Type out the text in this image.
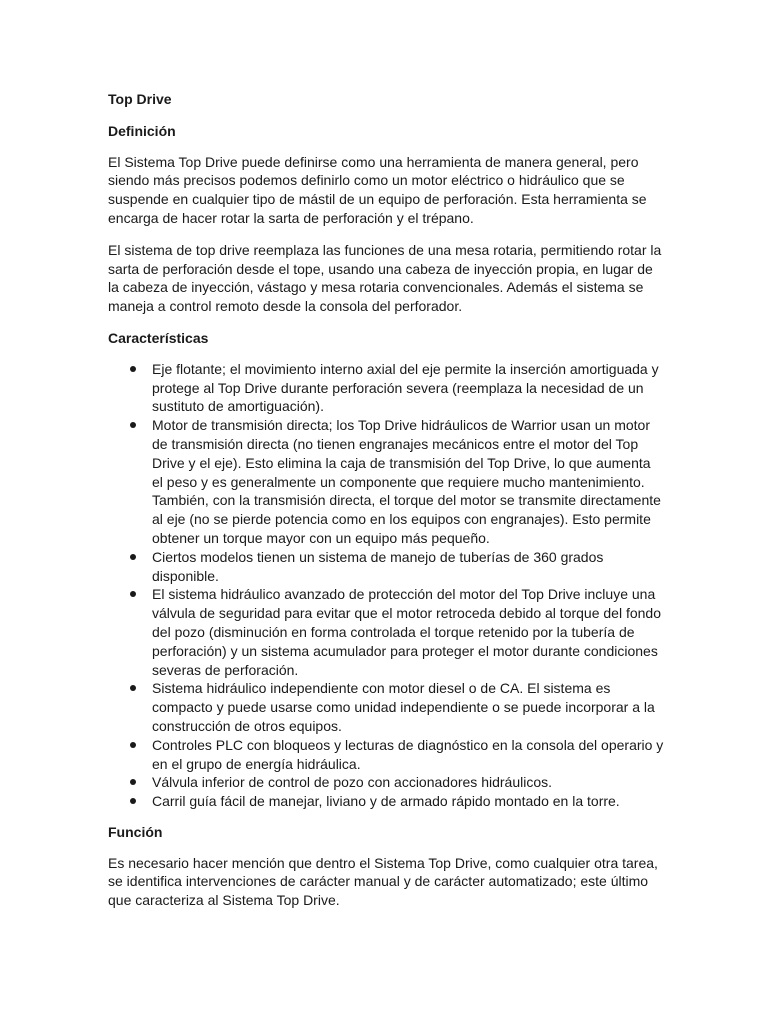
Top Drive
Definición

El Sistema Top Drive puede definirse como una herramienta de manera general, pero siendo más precisos podemos definirlo como un motor eléctrico o hidráulico que se suspende en cualquier tipo de mástil de un equipo de perforación. Esta herramienta se encarga de hacer rotar la sarta de perforación y el trépano.

El sistema de top drive reemplaza las funciones de una mesa rotaria, permitiendo rotar la sarta de perforación desde el tope, usando una cabeza de inyección propia, en lugar de la cabeza de inyección, vástago y mesa rotaria convencionales. Además el sistema se maneja a control remoto desde la consola del perforador.

Características
Eje flotante; el movimiento interno axial del eje permite la inserción amortiguada y protege al Top Drive durante perforación severa (reemplaza la necesidad de un sustituto de amortiguación).
Motor de transmisión directa; los Top Drive hidráulicos de Warrior usan un motor de transmisión directa (no tienen engranajes mecánicos entre el motor del Top Drive y el eje). Esto elimina la caja de transmisión del Top Drive, lo que aumenta el peso y es generalmente un componente que requiere mucho mantenimiento. También, con la transmisión directa, el torque del motor se transmite directamente al eje (no se pierde potencia como en los equipos con engranajes). Esto permite obtener un torque mayor con un equipo más pequeño.
Ciertos modelos tienen un sistema de manejo de tuberías de 360 grados disponible.
El sistema hidráulico avanzado de protección del motor del Top Drive incluye una válvula de seguridad para evitar que el motor retroceda debido al torque del fondo del pozo (disminución en forma controlada el torque retenido por la tubería de perforación) y un sistema acumulador para proteger el motor durante condiciones severas de perforación.
Sistema hidráulico independiente con motor diesel o de CA. El sistema es compacto y puede usarse como unidad independiente o se puede incorporar a la construcción de otros equipos.
Controles PLC con bloqueos y lecturas de diagnóstico en la consola del operario y en el grupo de energía hidráulica.
Válvula inferior de control de pozo con accionadores hidráulicos.
Carril guía fácil de manejar, liviano y de armado rápido montado en la torre.
Función

Es necesario hacer mención que dentro el Sistema Top Drive, como cualquier otra tarea, se identifica intervenciones de carácter manual y de carácter automatizado; este último que caracteriza al Sistema Top Drive.
